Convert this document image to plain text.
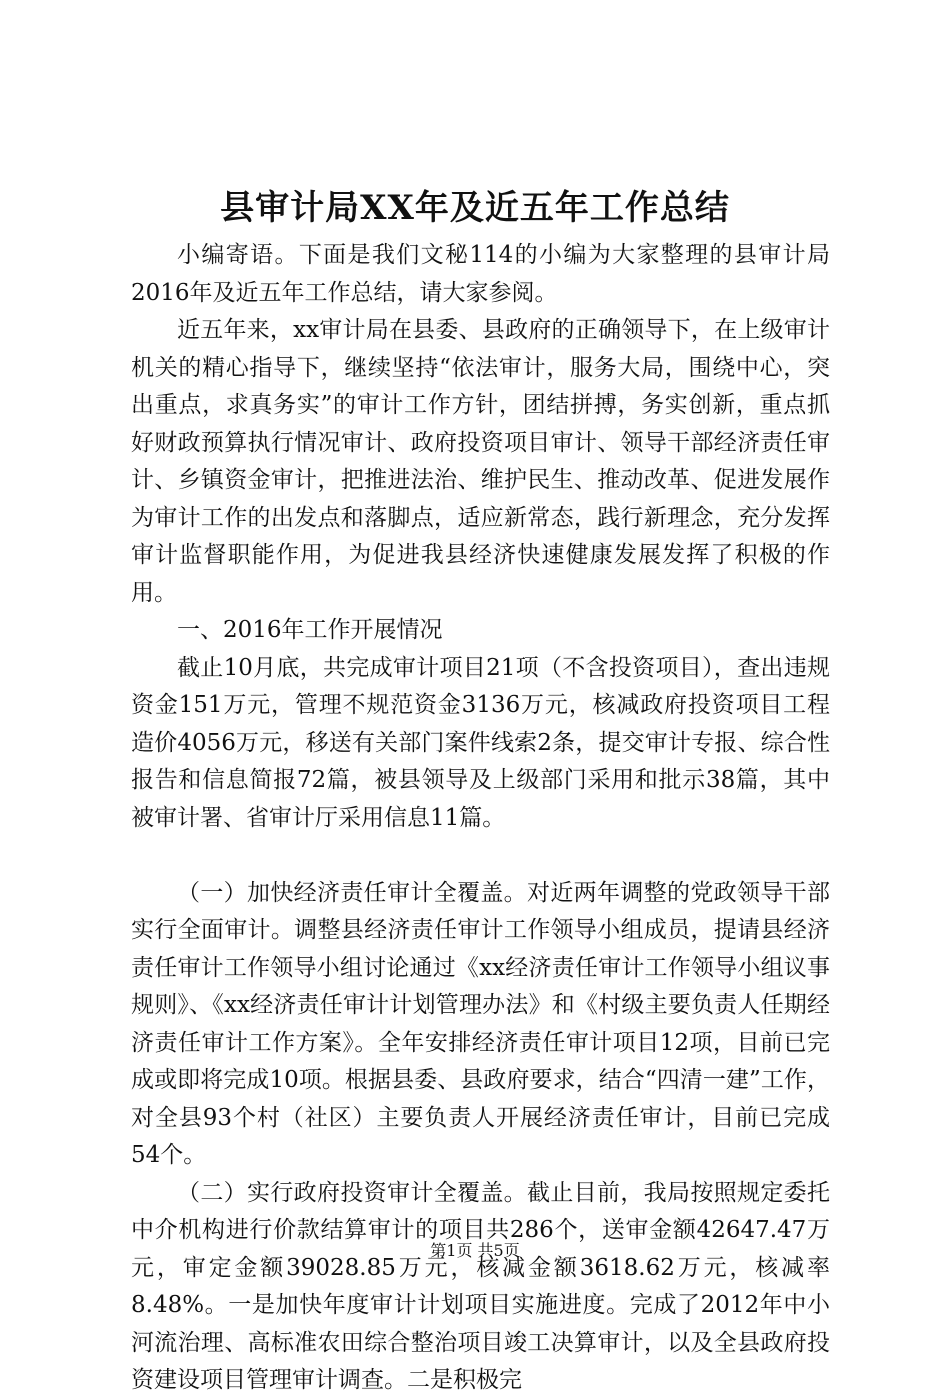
县审计局XX年及近五年工作总结

小编寄语。下面是我们文秘114的小编为大家整理的县审计局2016年及近五年工作总结，请大家参阅。

近五年来，xx审计局在县委、县政府的正确领导下，在上级审计机关的精心指导下，继续坚持“依法审计，服务大局，围绕中心，突出重点，求真务实”的审计工作方针，团结拼搏，务实创新，重点抓好财政预算执行情况审计、政府投资项目审计、领导干部经济责任审计、乡镇资金审计，把推进法治、维护民生、推动改革、促进发展作为审计工作的出发点和落脚点，适应新常态，践行新理念，充分发挥审计监督职能作用，为促进我县经济快速健康发展发挥了积极的作用。

一、2016年工作开展情况

截止10月底，共完成审计项目21项（不含投资项目），查出违规资金151万元，管理不规范资金3136万元，核减政府投资项目工程造价4056万元，移送有关部门案件线索2条，提交审计专报、综合性报告和信息简报72篇，被县领导及上级部门采用和批示38篇，其中被审计署、省审计厅采用信息11篇。

（一）加快经济责任审计全覆盖。对近两年调整的党政领导干部实行全面审计。调整县经济责任审计工作领导小组成员，提请县经济责任审计工作领导小组讨论通过《xx经济责任审计工作领导小组议事规则》、《xx经济责任审计计划管理办法》和《村级主要负责人任期经济责任审计工作方案》。全年安排经济责任审计项目12项，目前已完成或即将完成10项。根据县委、县政府要求，结合“四清一建”工作，对全县93个村（社区）主要负责人开展经济责任审计，目前已完成54个。

（二）实行政府投资审计全覆盖。截止目前，我局按照规定委托中介机构进行价款结算审计的项目共286个，送审金额42647.47万元，审定金额39028.85万元，核减金额3618.62万元，核减率8.48%。一是加快年度审计计划项目实施进度。完成了2012年中小河流治理、高标准农田综合整治项目竣工决算审计，以及全县政府投资建设项目管理审计调查。二是积极完

第1页 共5页
